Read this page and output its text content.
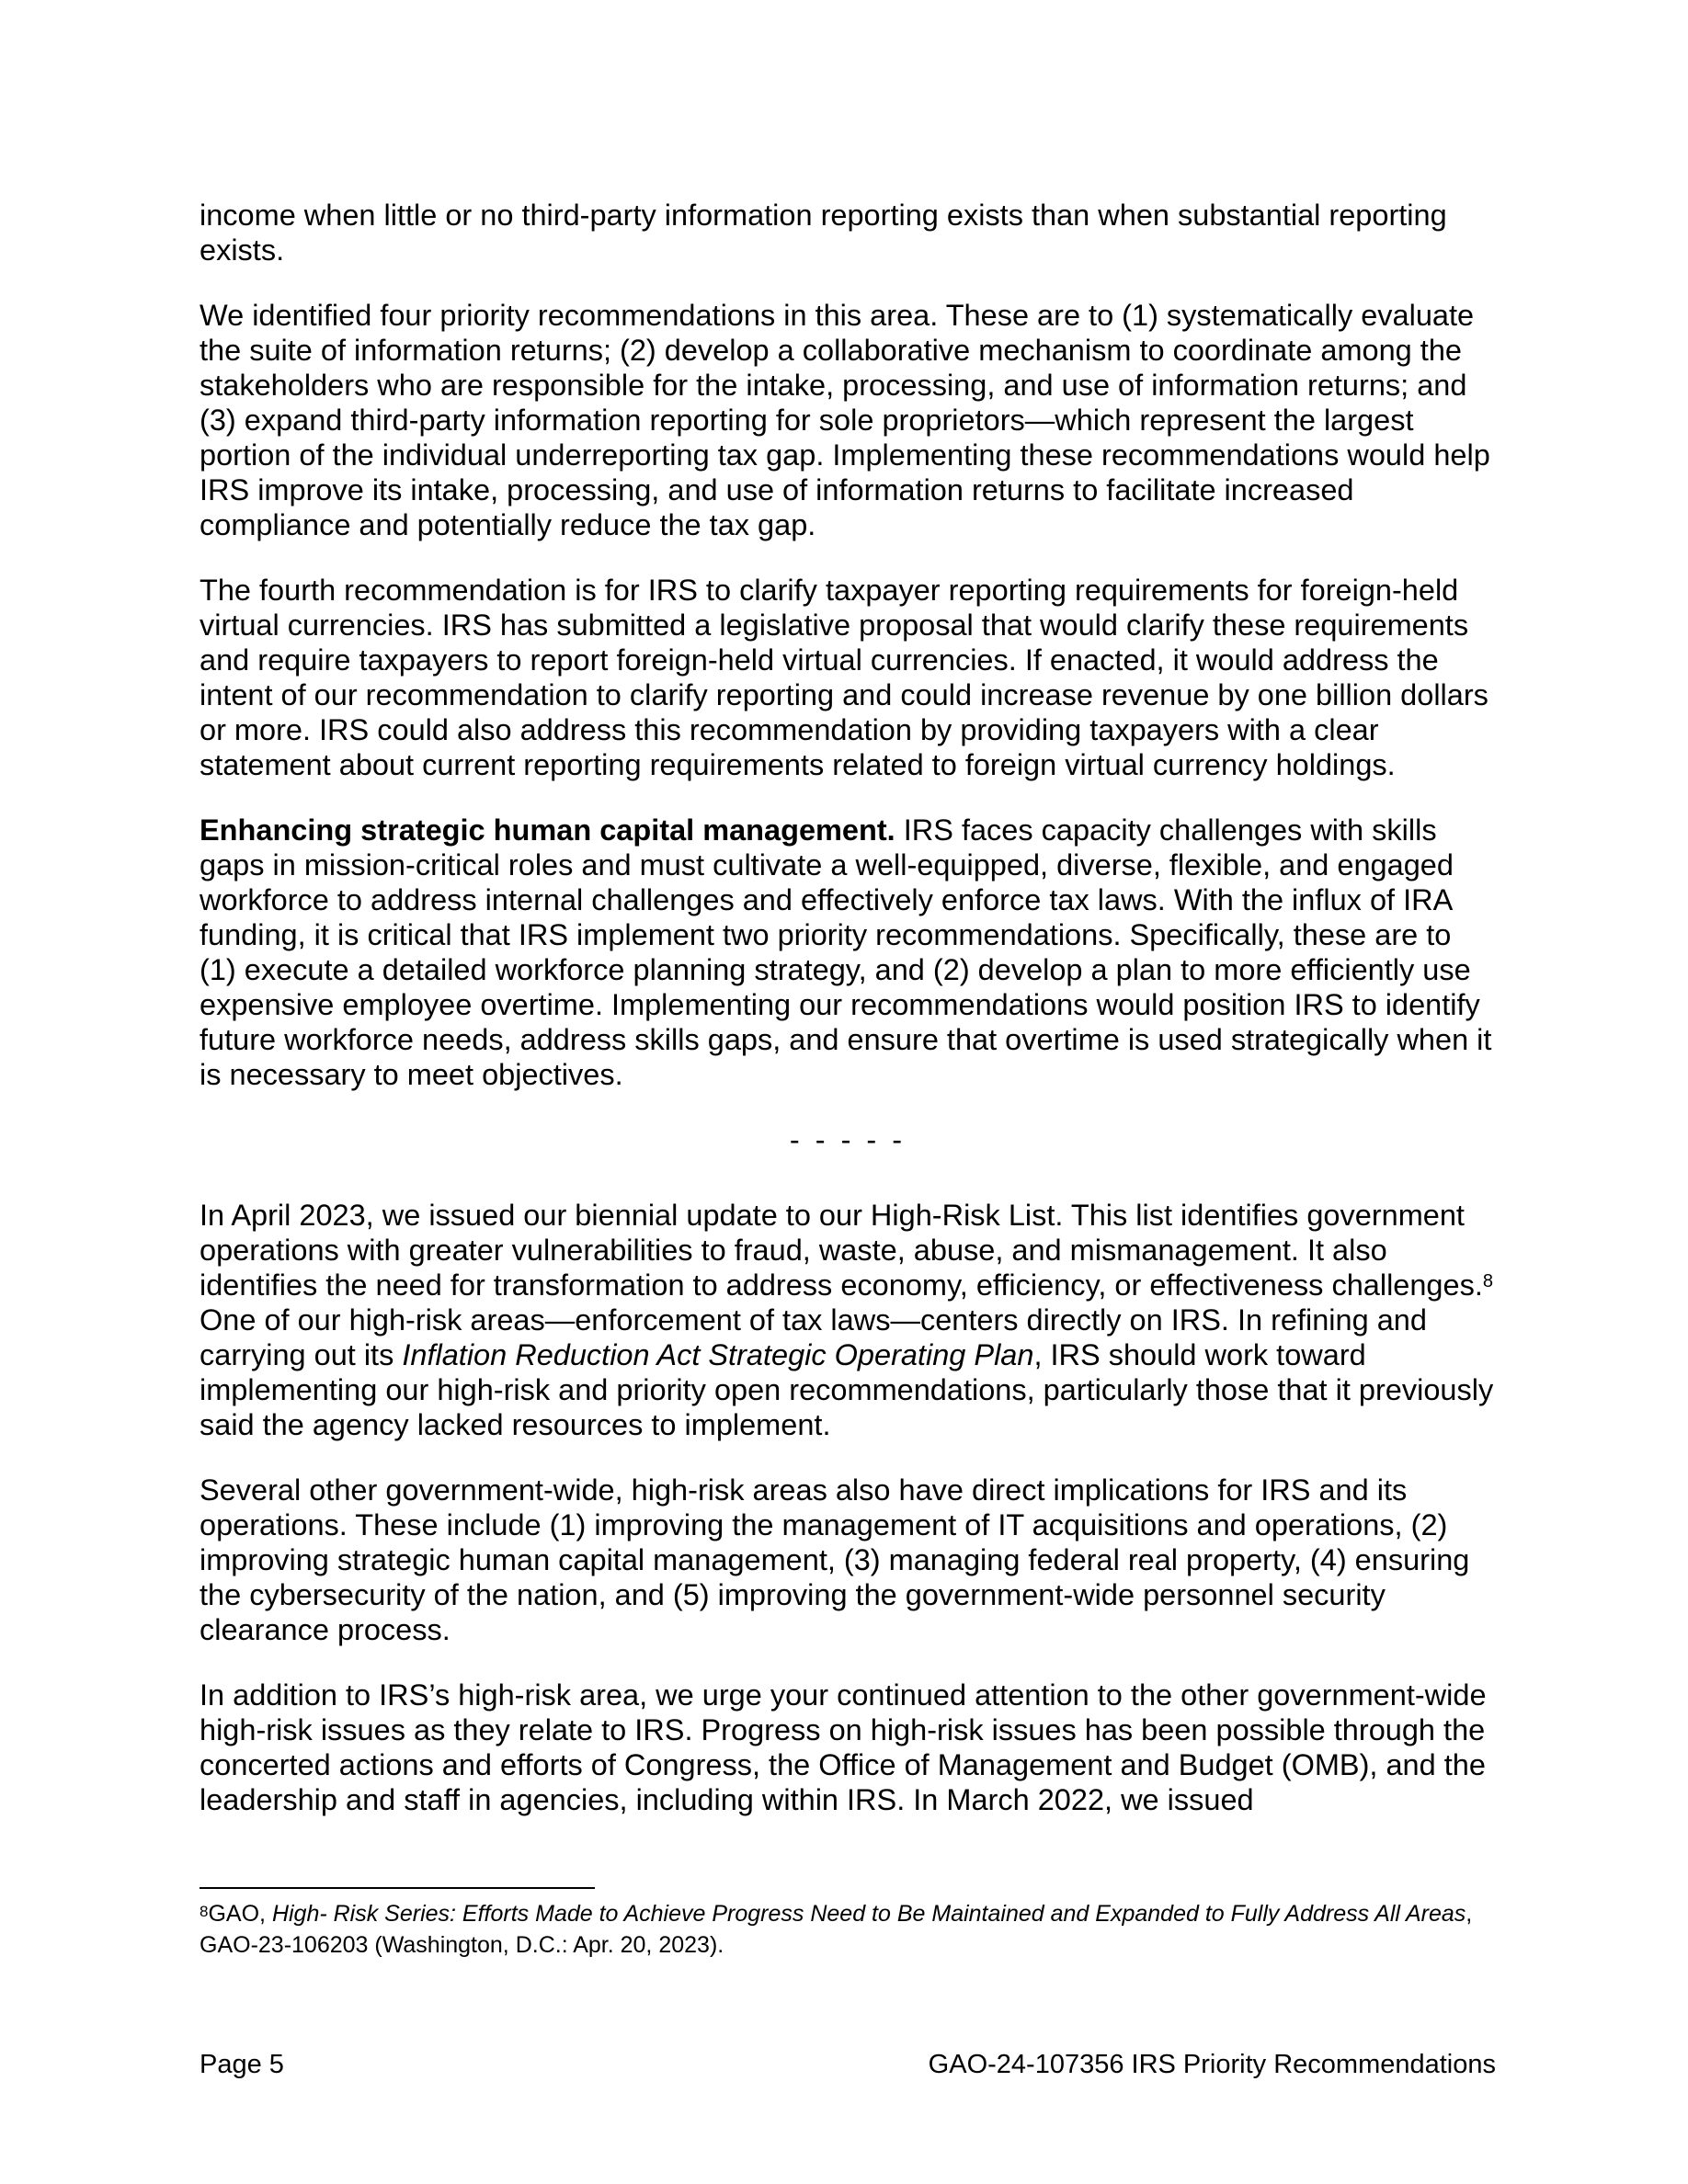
income when little or no third-party information reporting exists than when substantial reporting exists.

We identified four priority recommendations in this area. These are to (1) systematically evaluate the suite of information returns; (2) develop a collaborative mechanism to coordinate among the stakeholders who are responsible for the intake, processing, and use of information returns; and (3) expand third-party information reporting for sole proprietors—which represent the largest portion of the individual underreporting tax gap. Implementing these recommendations would help IRS improve its intake, processing, and use of information returns to facilitate increased compliance and potentially reduce the tax gap.

The fourth recommendation is for IRS to clarify taxpayer reporting requirements for foreign-held virtual currencies. IRS has submitted a legislative proposal that would clarify these requirements and require taxpayers to report foreign-held virtual currencies. If enacted, it would address the intent of our recommendation to clarify reporting and could increase revenue by one billion dollars or more. IRS could also address this recommendation by providing taxpayers with a clear statement about current reporting requirements related to foreign virtual currency holdings.

Enhancing strategic human capital management. IRS faces capacity challenges with skills gaps in mission-critical roles and must cultivate a well-equipped, diverse, flexible, and engaged workforce to address internal challenges and effectively enforce tax laws. With the influx of IRA funding, it is critical that IRS implement two priority recommendations. Specifically, these are to (1) execute a detailed workforce planning strategy, and (2) develop a plan to more efficiently use expensive employee overtime. Implementing our recommendations would position IRS to identify future workforce needs, address skills gaps, and ensure that overtime is used strategically when it is necessary to meet objectives.

- - - - -

In April 2023, we issued our biennial update to our High-Risk List. This list identifies government operations with greater vulnerabilities to fraud, waste, abuse, and mismanagement. It also identifies the need for transformation to address economy, efficiency, or effectiveness challenges.$^8$ One of our high-risk areas—enforcement of tax laws—centers directly on IRS. In refining and carrying out its Inflation Reduction Act Strategic Operating Plan, IRS should work toward implementing our high-risk and priority open recommendations, particularly those that it previously said the agency lacked resources to implement.

Several other government-wide, high-risk areas also have direct implications for IRS and its operations. These include (1) improving the management of IT acquisitions and operations, (2) improving strategic human capital management, (3) managing federal real property, (4) ensuring the cybersecurity of the nation, and (5) improving the government-wide personnel security clearance process.

In addition to IRS’s high-risk area, we urge your continued attention to the other government-wide high-risk issues as they relate to IRS. Progress on high-risk issues has been possible through the concerted actions and efforts of Congress, the Office of Management and Budget (OMB), and the leadership and staff in agencies, including within IRS. In March 2022, we issued

$^8$GAO, High- Risk Series: Efforts Made to Achieve Progress Need to Be Maintained and Expanded to Fully Address All Areas, GAO-23-106203 (Washington, D.C.: Apr. 20, 2023).
Page 5	GAO-24-107356 IRS Priority Recommendations
